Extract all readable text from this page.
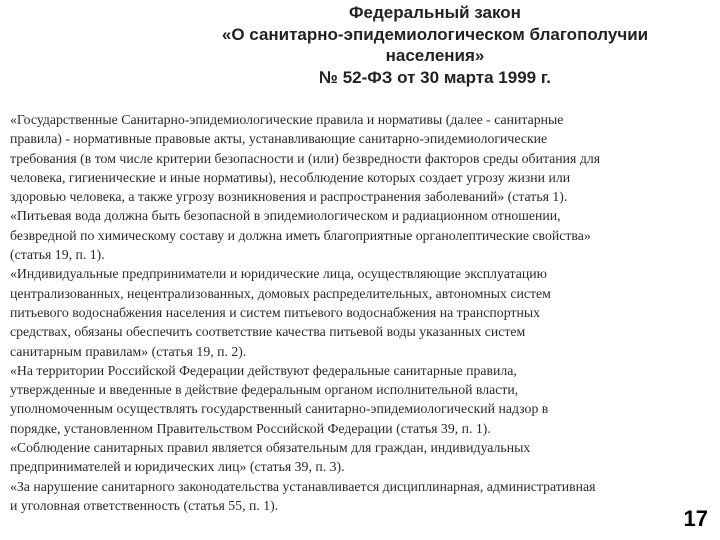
Федеральный закон
«О санитарно-эпидемиологическом благополучии
населения»
№ 52-ФЗ от 30 марта 1999 г.
«Государственные Санитарно-эпидемиологические правила и нормативы (далее - санитарные
правила) - нормативные правовые акты, устанавливающие санитарно-эпидемиологические
требования (в том числе критерии безопасности и (или) безвредности факторов среды обитания для
человека, гигиенические и иные нормативы), несоблюдение которых создает угрозу жизни или
здоровью человека, а также угрозу возникновения и распространения заболеваний» (статья 1).
«Питьевая вода должна быть безопасной в эпидемиологическом и радиационном отношении,
безвредной по химическому составу и должна иметь благоприятные органолептические свойства»
(статья 19, п. 1).
«Индивидуальные предприниматели и юридические лица, осуществляющие эксплуатацию
централизованных, нецентрализованных, домовых распределительных, автономных систем
питьевого водоснабжения населения и систем питьевого водоснабжения на транспортных
средствах, обязаны обеспечить соответствие качества питьевой воды указанных систем
санитарным правилам» (статья 19, п. 2).
«На территории Российской Федерации действуют федеральные санитарные правила,
утвержденные и введенные в действие федеральным органом исполнительной власти,
уполномоченным осуществлять государственный санитарно-эпидемиологический надзор в
порядке, установленном Правительством Российской Федерации (статья 39, п. 1).
«Соблюдение санитарных правил является обязательным для граждан, индивидуальных
предпринимателей и юридических лиц» (статья 39, п. 3).
«За нарушение санитарного законодательства устанавливается дисциплинарная, административная
и уголовная ответственность (статья 55, п. 1).
17
